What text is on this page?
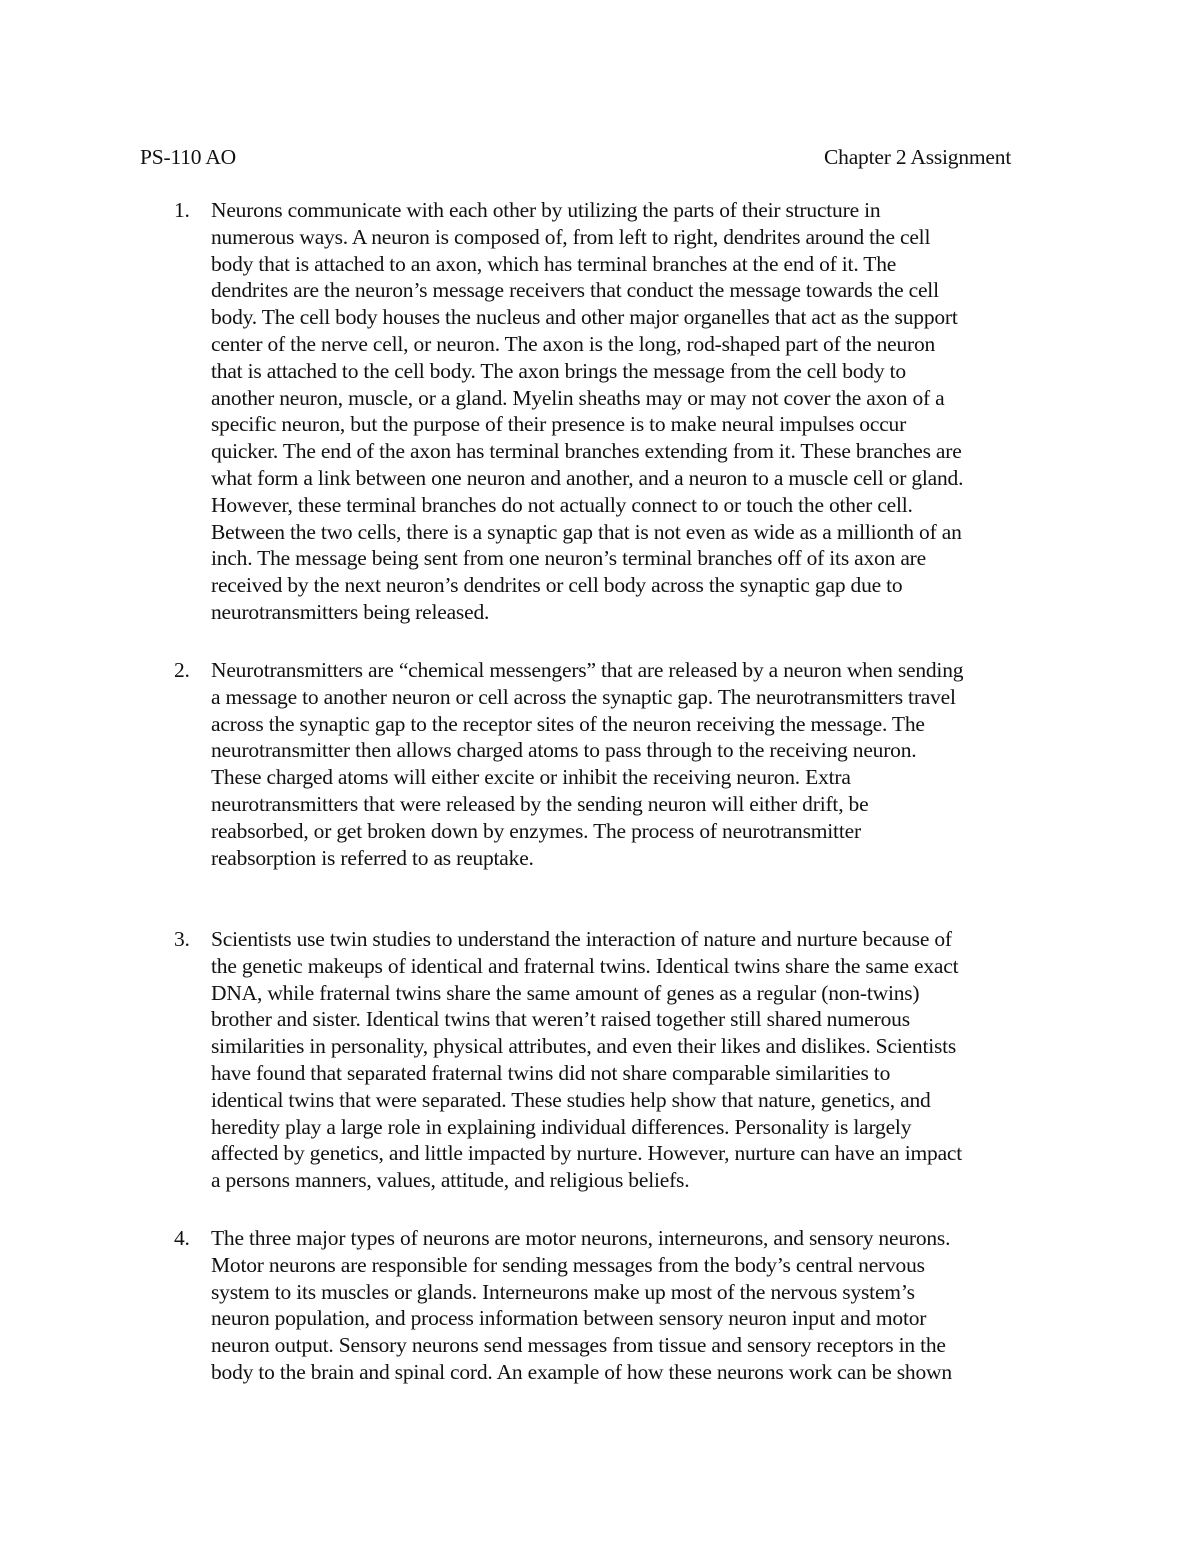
PS-110 AO	Chapter 2 Assignment
1. Neurons communicate with each other by utilizing the parts of their structure in
numerous ways. A neuron is composed of, from left to right, dendrites around the cell
body that is attached to an axon, which has terminal branches at the end of it. The
dendrites are the neuron’s message receivers that conduct the message towards the cell
body. The cell body houses the nucleus and other major organelles that act as the support
center of the nerve cell, or neuron. The axon is the long, rod-shaped part of the neuron
that is attached to the cell body. The axon brings the message from the cell body to
another neuron, muscle, or a gland. Myelin sheaths may or may not cover the axon of a
specific neuron, but the purpose of their presence is to make neural impulses occur
quicker. The end of the axon has terminal branches extending from it. These branches are
what form a link between one neuron and another, and a neuron to a muscle cell or gland.
However, these terminal branches do not actually connect to or touch the other cell.
Between the two cells, there is a synaptic gap that is not even as wide as a millionth of an
inch. The message being sent from one neuron’s terminal branches off of its axon are
received by the next neuron’s dendrites or cell body across the synaptic gap due to
neurotransmitters being released.
2. Neurotransmitters are “chemical messengers” that are released by a neuron when sending
a message to another neuron or cell across the synaptic gap. The neurotransmitters travel
across the synaptic gap to the receptor sites of the neuron receiving the message. The
neurotransmitter then allows charged atoms to pass through to the receiving neuron.
These charged atoms will either excite or inhibit the receiving neuron. Extra
neurotransmitters that were released by the sending neuron will either drift, be
reabsorbed, or get broken down by enzymes. The process of neurotransmitter
reabsorption is referred to as reuptake.
3. Scientists use twin studies to understand the interaction of nature and nurture because of
the genetic makeups of identical and fraternal twins. Identical twins share the same exact
DNA, while fraternal twins share the same amount of genes as a regular (non-twins)
brother and sister. Identical twins that weren’t raised together still shared numerous
similarities in personality, physical attributes, and even their likes and dislikes. Scientists
have found that separated fraternal twins did not share comparable similarities to
identical twins that were separated. These studies help show that nature, genetics, and
heredity play a large role in explaining individual differences. Personality is largely
affected by genetics, and little impacted by nurture. However, nurture can have an impact
a persons manners, values, attitude, and religious beliefs.
4. The three major types of neurons are motor neurons, interneurons, and sensory neurons.
Motor neurons are responsible for sending messages from the body’s central nervous
system to its muscles or glands. Interneurons make up most of the nervous system’s
neuron population, and process information between sensory neuron input and motor
neuron output. Sensory neurons send messages from tissue and sensory receptors in the
body to the brain and spinal cord. An example of how these neurons work can be shown
